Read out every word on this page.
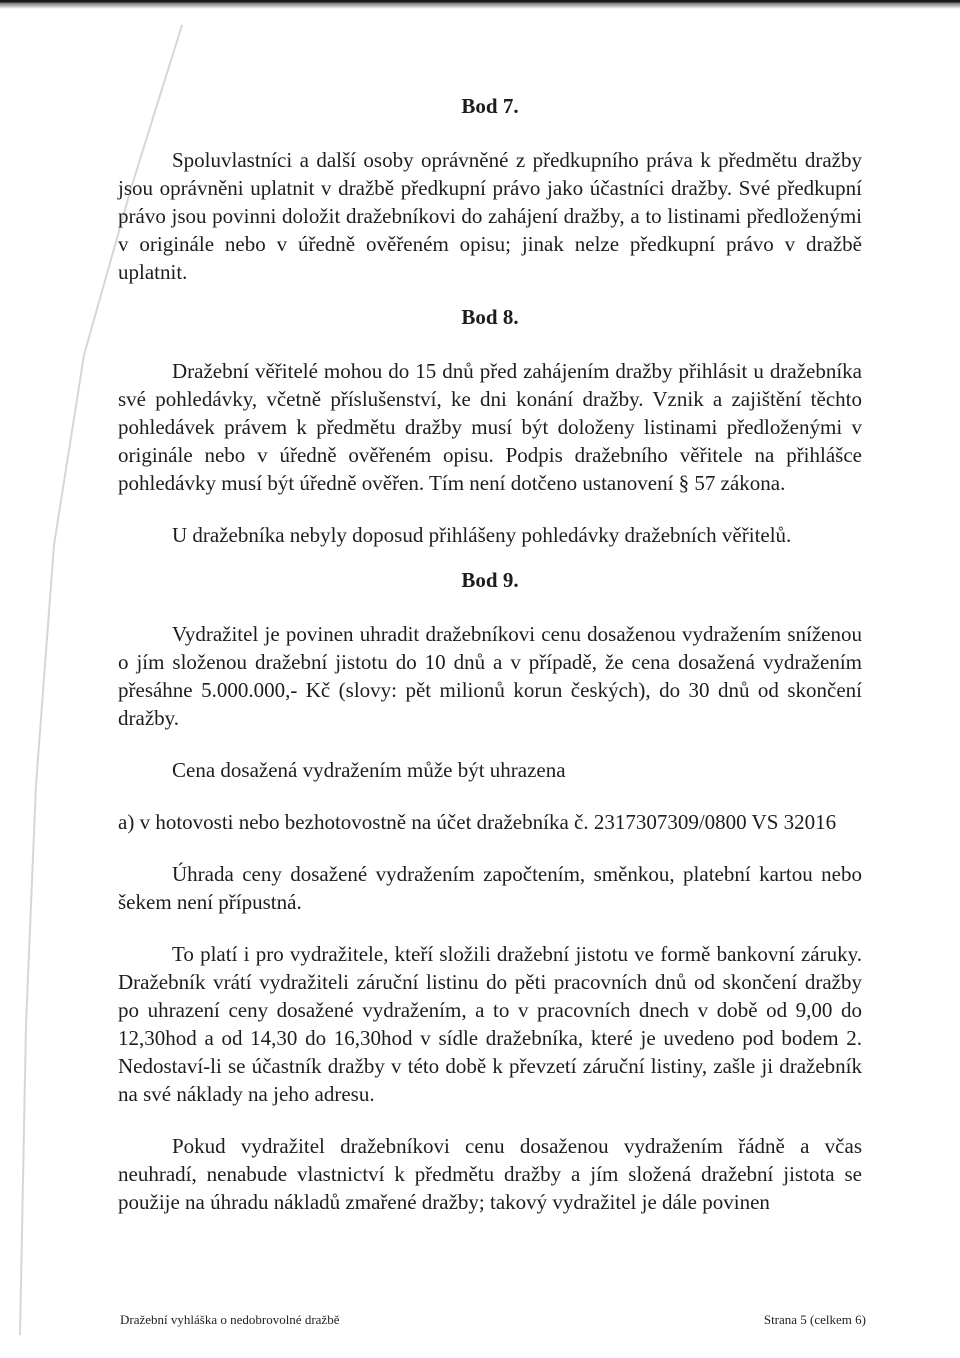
Bod 7.

Spoluvlastníci a další osoby oprávněné z předkupního práva k předmětu dražby jsou oprávněni uplatnit v dražbě předkupní právo jako účastníci dražby. Své předkupní právo jsou povinni doložit dražebníkovi do zahájení dražby, a to listinami předloženými v originále nebo v úředně ověřeném opisu; jinak nelze předkupní právo v dražbě uplatnit.

Bod 8.

Dražební věřitelé mohou do 15 dnů před zahájením dražby přihlásit u dražebníka své pohledávky, včetně příslušenství, ke dni konání dražby. Vznik a zajištění těchto pohledávek právem k předmětu dražby musí být doloženy listinami předloženými v originále nebo v úředně ověřeném opisu. Podpis dražebního věřitele na přihlášce pohledávky musí být úředně ověřen. Tím není dotčeno ustanovení § 57 zákona.

U dražebníka nebyly doposud přihlášeny pohledávky dražebních věřitelů.

Bod 9.

Vydražitel je povinen uhradit dražebníkovi cenu dosaženou vydražením sníženou o jím složenou dražební jistotu do 10 dnů a v případě, že cena dosažená vydražením přesáhne 5.000.000,- Kč (slovy: pět milionů korun českých), do 30 dnů od skončení dražby.

Cena dosažená vydražením může být uhrazena

a) v hotovosti nebo bezhotovostně na účet dražebníka č. 2317307309/0800 VS 32016

Úhrada ceny dosažené vydražením započtením, směnkou, platební kartou nebo šekem není přípustná.

To platí i pro vydražitele, kteří složili dražební jistotu ve formě bankovní záruky. Dražebník vrátí vydražiteli záruční listinu do pěti pracovních dnů od skončení dražby po uhrazení ceny dosažené vydražením, a to v pracovních dnech v době od 9,00 do 12,30hod a od 14,30 do 16,30hod v sídle dražebníka, které je uvedeno pod bodem 2. Nedostaví-li se účastník dražby v této době k převzetí záruční listiny, zašle ji dražebník na své náklady na jeho adresu.

Pokud vydražitel dražebníkovi cenu dosaženou vydražením řádně a včas neuhradí, nenabude vlastnictví k předmětu dražby a jím složená dražební jistota se použije na úhradu nákladů zmařené dražby; takový vydražitel je dále povinen

Dražební vyhláška o nedobrovolné dražbě	Strana 5 (celkem 6)
